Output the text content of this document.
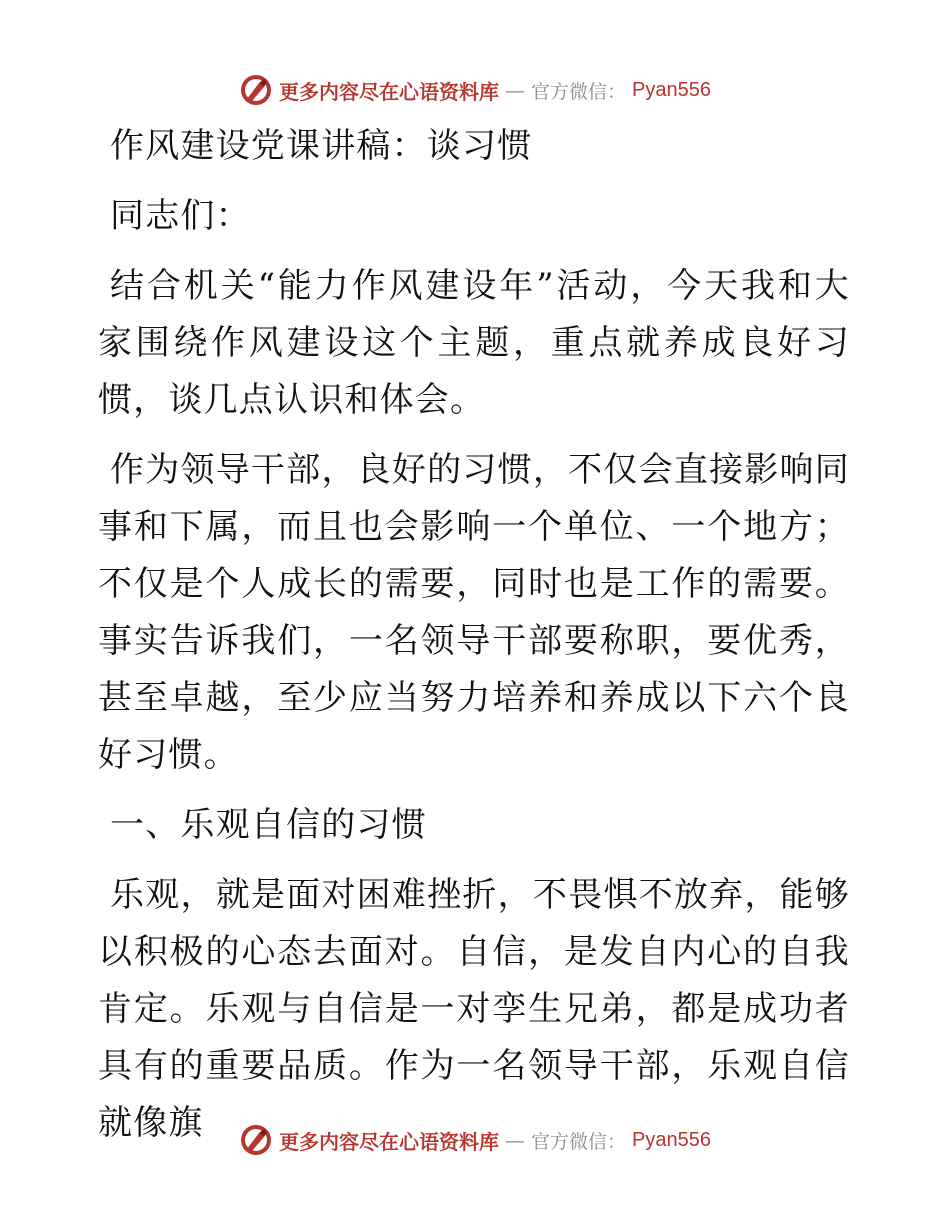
更多内容尽在心语资料库 — 官方微信： Pyan556

作风建设党课讲稿：谈习惯

同志们：

结合机关“能力作风建设年”活动，今天我和大家围绕作风建设这个主题，重点就养成良好习惯，谈几点认识和体会。

作为领导干部，良好的习惯，不仅会直接影响同事和下属，而且也会影响一个单位、一个地方；不仅是个人成长的需要，同时也是工作的需要。事实告诉我们，一名领导干部要称职，要优秀，甚至卓越，至少应当努力培养和养成以下六个良好习惯。

一、乐观自信的习惯

乐观，就是面对困难挫折，不畏惧不放弃，能够以积极的心态去面对。自信，是发自内心的自我肯定。乐观与自信是一对孪生兄弟，都是成功者具有的重要品质。作为一名领导干部，乐观自信就像旗	更多内容尽在心语资料库 — 官方微信： Pyan556
